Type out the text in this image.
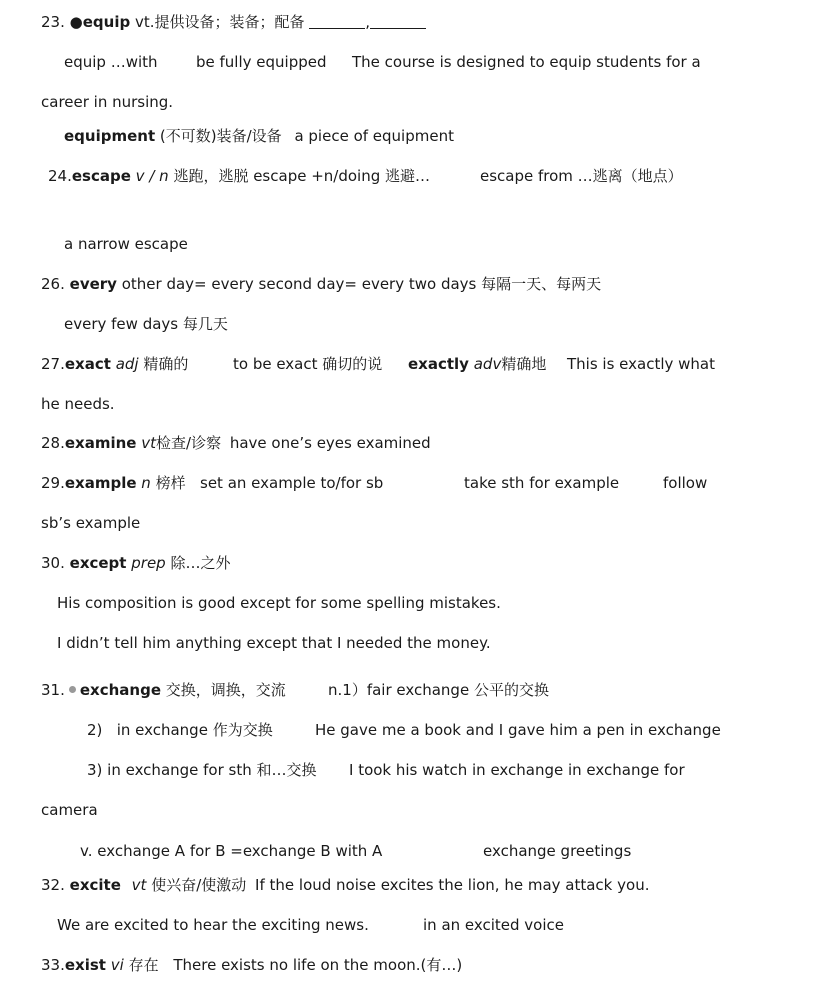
23. ●equip vt.提供设备；装备；配备	,
equip …with	be fully equipped The course is designed to equip students for a
career in nursing.
equipment (不可数)装备/设备 a piece of equipment
24.escape v / n 逃跑，逃脱 escape +n/doing 逃避…	escape from …逃离（地点）
a narrow escape
26. every other day= every second day= every two days 每隔一天、每两天
every few days 每几天
27.exact adj 精确的	to be exact 确切的说 exactly adv精确地 This is exactly what
he needs.
28.examine vt检查/诊察 have one’s eyes examined
29.example n 榜样 set an example to/for sb	take sth for example	follow
sb’s example
30. except prep 除…之外
His composition is good except for some spelling mistakes.
I didn’t tell him anything except that I needed the money.
31. exchange 交换，调换，交流	n.1）fair exchange 公平的交换
2)   in exchange 作为交换	He gave me a book and I gave him a pen in exchange
3) in exchange for sth 和…交换 I took his watch in exchange in exchange for
camera
v. exchange A for B =exchange B with A	exchange greetings
32. excite vt 使兴奋/使激动 If the loud noise excites the lion, he may attack you.
We are excited to hear the exciting news.	in an excited voice
33.exist vi 存在 There exists no life on the moon.(有…)
